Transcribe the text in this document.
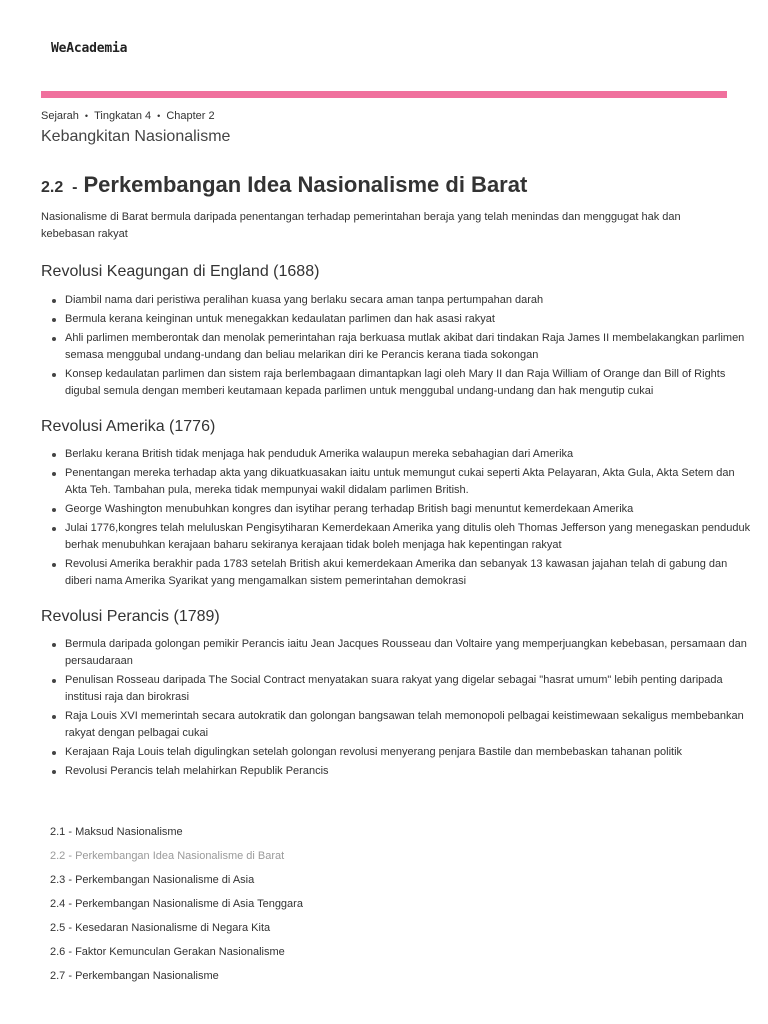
WeAcademia
Sejarah • Tingkatan 4 • Chapter 2
Kebangkitan Nasionalisme
2.2 - Perkembangan Idea Nasionalisme di Barat

Nasionalisme di Barat bermula daripada penentangan terhadap pemerintahan beraja yang telah menindas dan menggugat hak dan kebebasan rakyat

Revolusi Keagungan di England (1688)
Diambil nama dari peristiwa peralihan kuasa yang berlaku secara aman tanpa pertumpahan darah
Bermula kerana keinginan untuk menegakkan kedaulatan parlimen dan hak asasi rakyat
Ahli parlimen memberontak dan menolak pemerintahan raja berkuasa mutlak akibat dari tindakan Raja James II membelakangkan parlimen semasa menggubal undang-undang dan beliau melarikan diri ke Perancis kerana tiada sokongan
Konsep kedaulatan parlimen dan sistem raja berlembagaan dimantapkan lagi oleh Mary II dan Raja William of Orange dan Bill of Rights digubal semula dengan memberi keutamaan kepada parlimen untuk menggubal undang-undang dan hak mengutip cukai
Revolusi Amerika (1776)
Berlaku kerana British tidak menjaga hak penduduk Amerika walaupun mereka sebahagian dari Amerika
Penentangan mereka terhadap akta yang dikuatkuasakan iaitu untuk memungut cukai seperti Akta Pelayaran, Akta Gula, Akta Setem dan Akta Teh. Tambahan pula, mereka tidak mempunyai wakil didalam parlimen British.
George Washington menubuhkan kongres dan isytihar perang terhadap British bagi menuntut kemerdekaan Amerika
Julai 1776,kongres telah meluluskan Pengisytiharan Kemerdekaan Amerika yang ditulis oleh Thomas Jefferson yang menegaskan penduduk berhak menubuhkan kerajaan baharu sekiranya kerajaan tidak boleh menjaga hak kepentingan rakyat
Revolusi Amerika berakhir pada 1783 setelah British akui kemerdekaan Amerika dan sebanyak 13 kawasan jajahan telah di gabung dan diberi nama Amerika Syarikat yang mengamalkan sistem pemerintahan demokrasi
Revolusi Perancis (1789)
Bermula daripada golongan pemikir Perancis iaitu Jean Jacques Rousseau dan Voltaire yang memperjuangkan kebebasan, persamaan dan persaudaraan
Penulisan Rosseau daripada The Social Contract menyatakan suara rakyat yang digelar sebagai "hasrat umum" lebih penting daripada institusi raja dan birokrasi
Raja Louis XVI memerintah secara autokratik dan golongan bangsawan telah memonopoli pelbagai keistimewaan sekaligus membebankan rakyat dengan pelbagai cukai
Kerajaan Raja Louis telah digulingkan setelah golongan revolusi menyerang penjara Bastile dan membebaskan tahanan politik
Revolusi Perancis telah melahirkan Republik Perancis
2.1 - Maksud Nasionalisme
2.2 - Perkembangan Idea Nasionalisme di Barat
2.3 - Perkembangan Nasionalisme di Asia
2.4 - Perkembangan Nasionalisme di Asia Tenggara
2.5 - Kesedaran Nasionalisme di Negara Kita
2.6 - Faktor Kemunculan Gerakan Nasionalisme
2.7 - Perkembangan Nasionalisme
